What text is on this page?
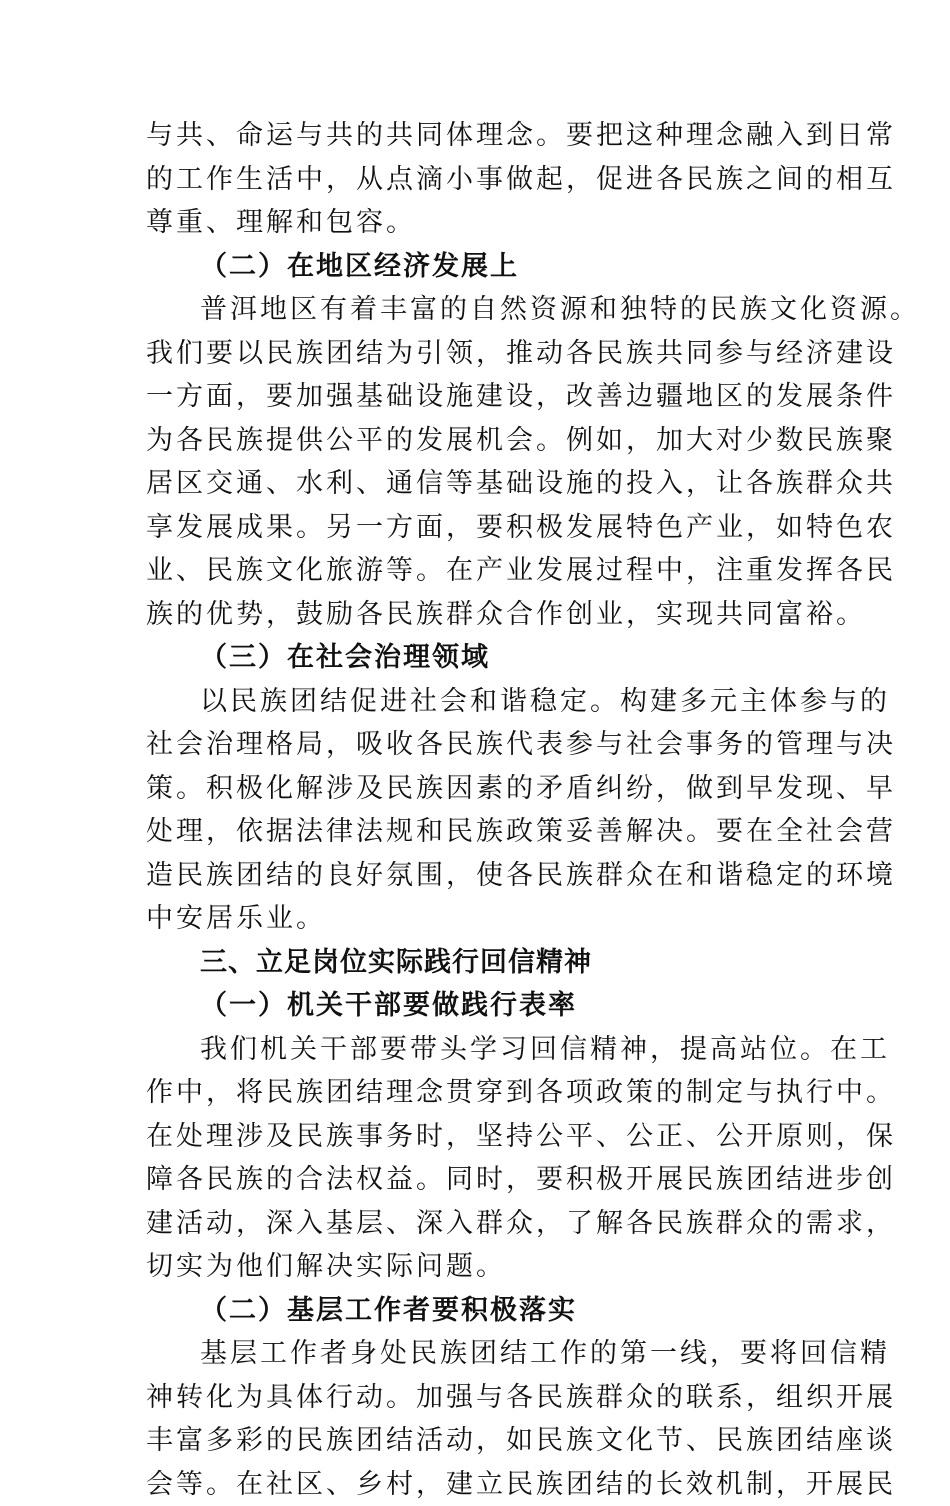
与共、命运与共的共同体理念。要把这种理念融入到日常
的工作生活中，从点滴小事做起，促进各民族之间的相互
尊重、理解和包容。
（二）在地区经济发展上
普洱地区有着丰富的自然资源和独特的民族文化资源。
我们要以民族团结为引领，推动各民族共同参与经济建设
一方面，要加强基础设施建设，改善边疆地区的发展条件
为各民族提供公平的发展机会。例如，加大对少数民族聚
居区交通、水利、通信等基础设施的投入，让各族群众共
享发展成果。另一方面，要积极发展特色产业，如特色农
业、民族文化旅游等。在产业发展过程中，注重发挥各民
族的优势，鼓励各民族群众合作创业，实现共同富裕。
（三）在社会治理领域
以民族团结促进社会和谐稳定。构建多元主体参与的
社会治理格局，吸收各民族代表参与社会事务的管理与决
策。积极化解涉及民族因素的矛盾纠纷，做到早发现、早
处理，依据法律法规和民族政策妥善解决。要在全社会营
造民族团结的良好氛围，使各民族群众在和谐稳定的环境
中安居乐业。
三、立足岗位实际践行回信精神
（一）机关干部要做践行表率
我们机关干部要带头学习回信精神，提高站位。在工
作中，将民族团结理念贯穿到各项政策的制定与执行中。
在处理涉及民族事务时，坚持公平、公正、公开原则，保
障各民族的合法权益。同时，要积极开展民族团结进步创
建活动，深入基层、深入群众，了解各民族群众的需求，
切实为他们解决实际问题。
（二）基层工作者要积极落实
基层工作者身处民族团结工作的第一线，要将回信精
神转化为具体行动。加强与各民族群众的联系，组织开展
丰富多彩的民族团结活动，如民族文化节、民族团结座谈
会等。在社区、乡村，建立民族团结的长效机制，开展民
